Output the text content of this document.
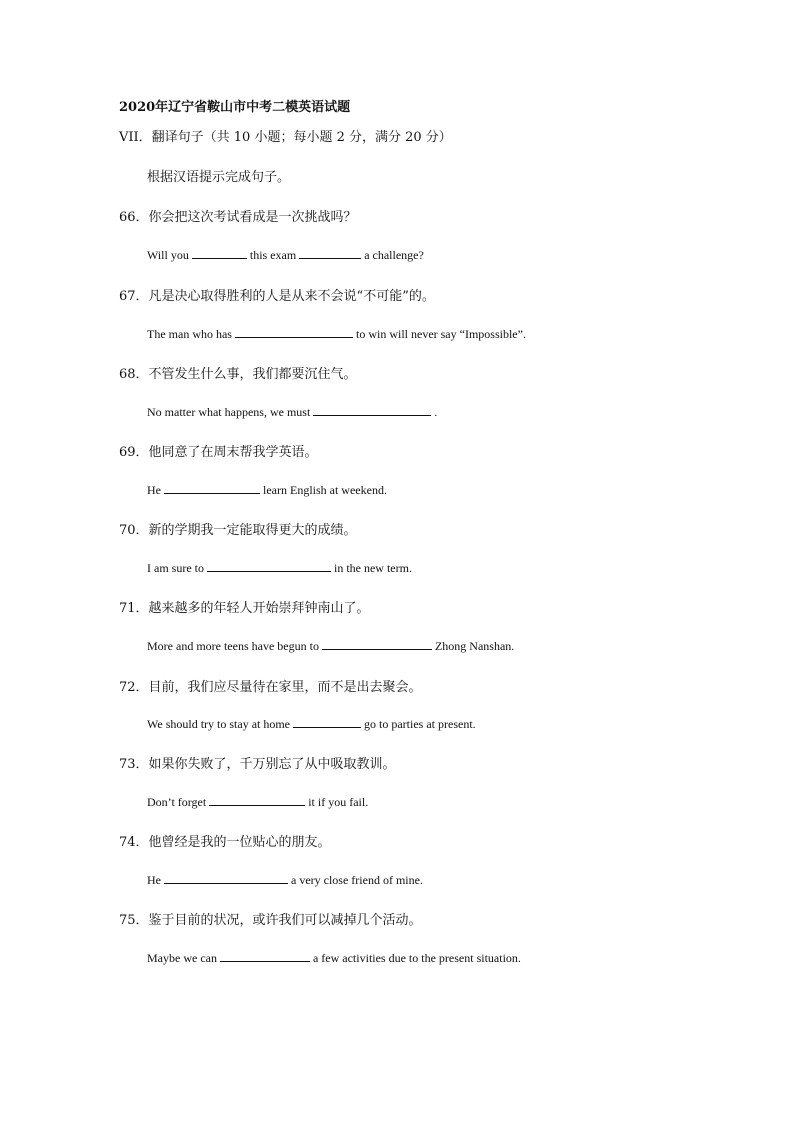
2020年辽宁省鞍山市中考二模英语试题
VII．翻译句子（共 10 小题；每小题 2 分，满分 20 分）
根据汉语提示完成句子。
66．你会把这次考试看成是一次挑战吗？
Will you	this exam	a challenge?
67．凡是决心取得胜利的人是从来不会说“不可能”的。
The man who has	to win will never say “Impossible”.
68．不管发生什么事，我们都要沉住气。
No matter what happens, we must	.
69．他同意了在周末帮我学英语。
He	learn English at weekend.
70．新的学期我一定能取得更大的成绩。
I am sure to	in the new term.
71．越来越多的年轻人开始崇拜钟南山了。
More and more teens have begun to	Zhong Nanshan.
72．目前，我们应尽量待在家里，而不是出去聚会。
We should try to stay at home	go to parties at present.
73．如果你失败了，千万别忘了从中吸取教训。
Don’t forget	it if you fail.
74．他曾经是我的一位贴心的朋友。
He	a very close friend of mine.
75．鉴于目前的状况，或许我们可以减掉几个活动。
Maybe we can	a few activities due to the present situation.
